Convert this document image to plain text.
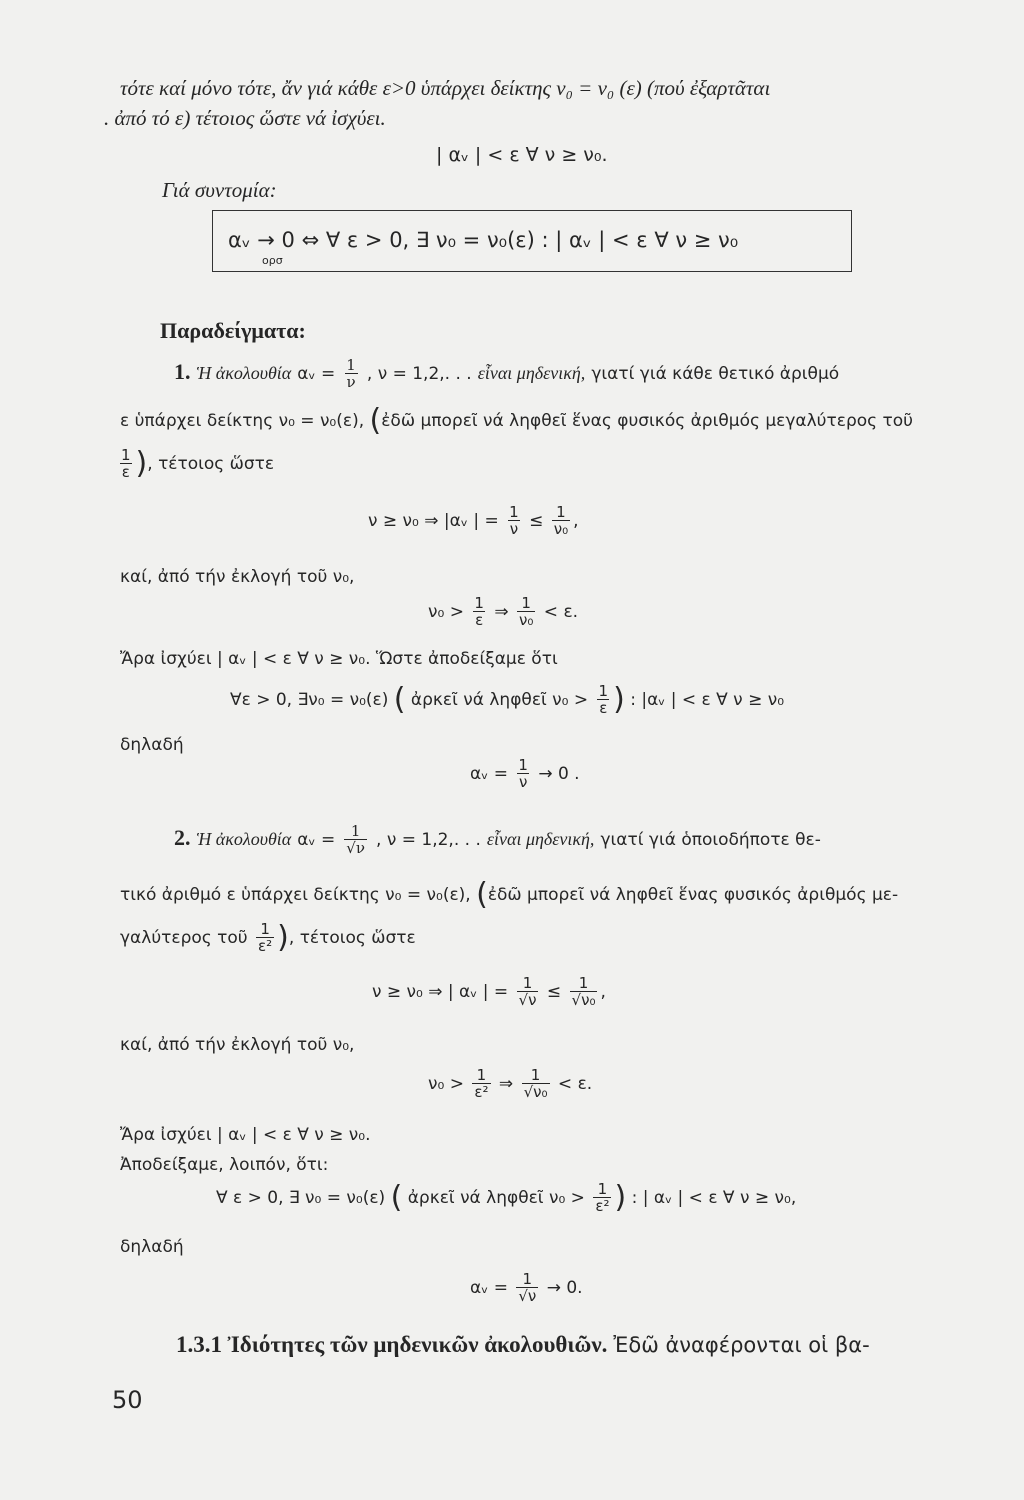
τότε καί μόνο τότε, ἄν γιά κάθε ε>0 ὑπάρχει δείκτης ν₀ = ν₀ (ε) (πού ἐξαρτᾶται
. ἀπό τό ε) τέτοιος ὥστε νά ἰσχύει.
| αᵥ | < ε ∀ ν ≥ ν₀.
Γιά συντομία:
αᵥ → 0 ⇔ ∀ ε > 0, ∃ ν₀ = ν₀(ε) : | αᵥ | < ε ∀ ν ≥ ν₀
ορσ
Παραδείγματα:
1. Ἡ ἀκολουθία αᵥ = $\frac{1}{\nu}$ , ν = 1,2,. . . εἶναι μηδενική, γιατί γιά κάθε θετικό ἀριθμό
ε ὑπάρχει δείκτης ν₀ = ν₀(ε), (ἐδῶ μπορεῖ νά ληφθεῖ ἕνας φυσικός ἀριθμός μεγαλύτερος τοῦ
$\frac{1}{\varepsilon}$ ), τέτοιος ὥστε
ν ≥ ν₀ ⇒ |αᵥ | = $\frac{1}{\nu} \le \frac{1}{\text{ν₀}}$ ,
καί, ἀπό τήν ἐκλογή τοῦ ν₀,
$\nu_0 > \frac{1}{\varepsilon}$ ⇒ $\frac{1}{\text{ν₀}} < \varepsilon$.
Ἄρα ἰσχύει | αᵥ | < ε ∀ ν ≥ ν₀. Ὥστε ἀποδείξαμε ὅτι
∀ε > 0, ∃ν₀ = ν₀(ε) ( ἀρκεῖ νά ληφθεῖ $\nu_0 > \frac{1}{\varepsilon}$ ) : |αᵥ | < ε ∀ ν ≥ ν₀
δηλαδή
αᵥ = $\frac{1}{\nu} \to 0$ .
2. Ἡ ἀκολουθία αᵥ = $\frac{1}{√\nu}$ , ν = 1,2,. . . εἶναι μηδενική, γιατί γιά ὁποιοδήποτε θε-
τικό ἀριθμό ε ὑπάρχει δείκτης ν₀ = ν₀(ε), (ἐδῶ μπορεῖ νά ληφθεῖ ἕνας φυσικός ἀριθμός με-
γαλύτερος τοῦ $\frac{1}{\text{ε²}}$ ), τέτοιος ὥστε
ν ≥ ν₀ ⇒ | αᵥ | = $\frac{1}{√\nu} \le \frac{1}{\text{√ν₀}}$ ,
καί, ἀπό τήν ἐκλογή τοῦ ν₀,
$\nu_0 > \frac{1}{\text{ε²}}$ ⇒ $\frac{1}{\text{√ν₀}} < \varepsilon$.
Ἄρα ἰσχύει | αᵥ | < ε ∀ ν ≥ ν₀.
Ἀποδείξαμε, λοιπόν, ὅτι:
∀ ε > 0, ∃ ν₀ = ν₀(ε) ( ἀρκεῖ νά ληφθεῖ $\nu_0 > \frac{1}{\text{ε²}}$ ) : | αᵥ | < ε ∀ ν ≥ ν₀,
δηλαδή
αᵥ = $\frac{1}{√\nu} \to 0$.
1.3.1 Ἰδιότητες τῶν μηδενικῶν ἀκολουθιῶν. Ἐδῶ ἀναφέρονται οἱ βα-
50
